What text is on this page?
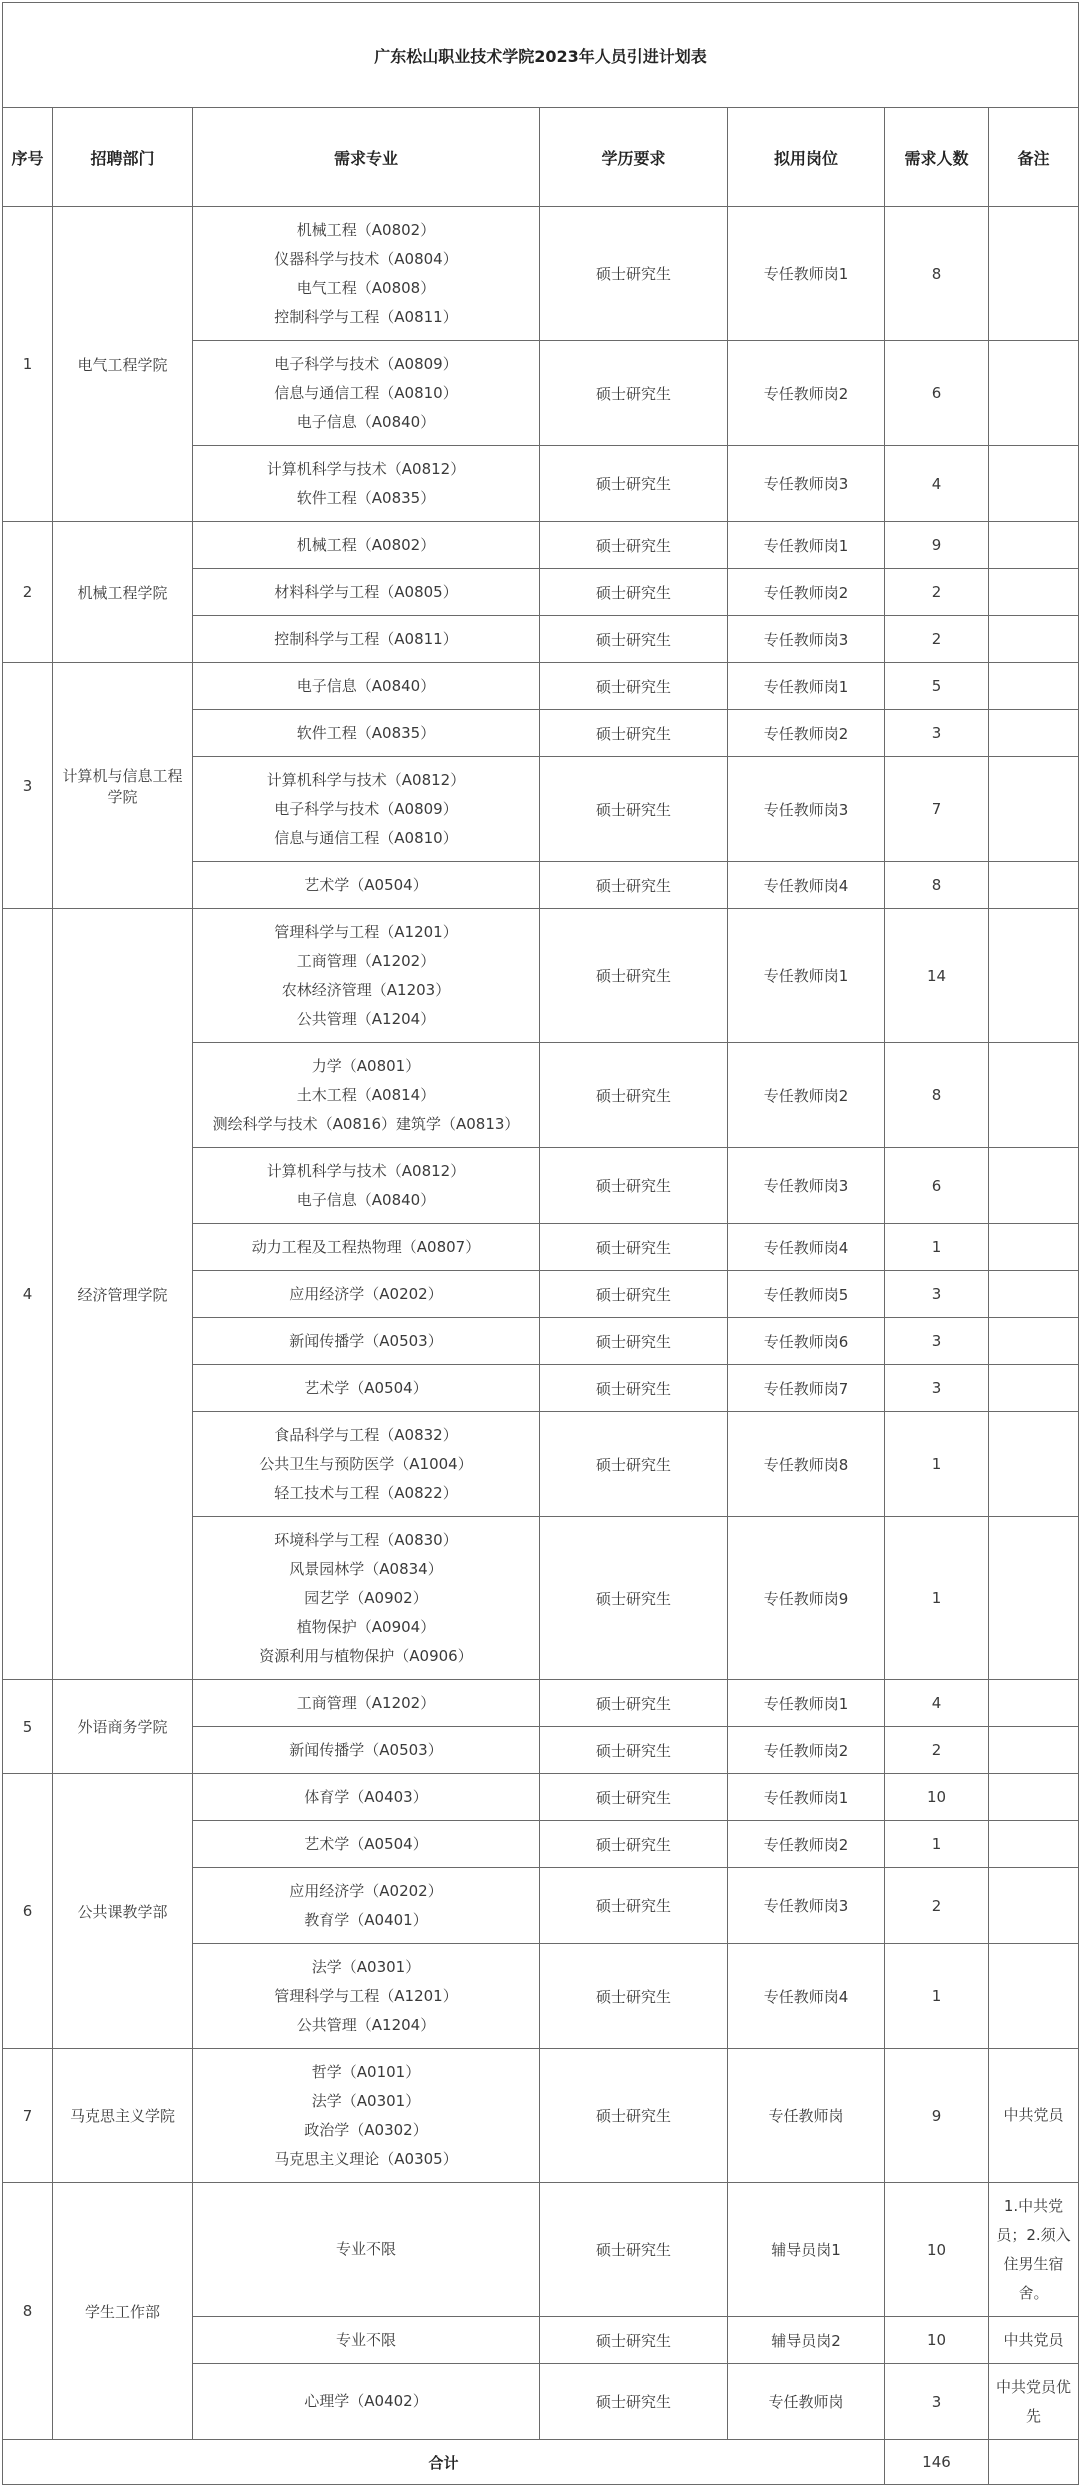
广东松山职业技术学院2023年人员引进计划表						
序号	招聘部门	需求专业	学历要求	拟用岗位	需求人数	备注
1	电气工程学院	机械工程（A0802）
仪器科学与技术（A0804）
电气工程（A0808）
控制科学与工程（A0811）	硕士研究生	专任教师岗1	8	

		电子科学与技术（A0809）
信息与通信工程（A0810）
电子信息（A0840）	硕士研究生	专任教师岗2	6	

		计算机科学与技术（A0812）
软件工程（A0835）	硕士研究生	专任教师岗3	4	
2	机械工程学院	机械工程（A0802）	硕士研究生	专任教师岗1	9	

		材料科学与工程（A0805）	硕士研究生	专任教师岗2	2	

		控制科学与工程（A0811）	硕士研究生	专任教师岗3	2	
3	计算机与信息工程学院	电子信息（A0840）	硕士研究生	专任教师岗1	5	

		软件工程（A0835）	硕士研究生	专任教师岗2	3	

		计算机科学与技术（A0812）
电子科学与技术（A0809）
信息与通信工程（A0810）	硕士研究生	专任教师岗3	7	

		艺术学（A0504）	硕士研究生	专任教师岗4	8	
4	经济管理学院	管理科学与工程（A1201）
工商管理（A1202）
农林经济管理（A1203）
公共管理（A1204）	硕士研究生	专任教师岗1	14	

		力学（A0801）
土木工程（A0814）
测绘科学与技术（A0816）建筑学（A0813）	硕士研究生	专任教师岗2	8	

		计算机科学与技术（A0812）
电子信息（A0840）	硕士研究生	专任教师岗3	6	

		动力工程及工程热物理（A0807）	硕士研究生	专任教师岗4	1	

		应用经济学（A0202）	硕士研究生	专任教师岗5	3	

		新闻传播学（A0503）	硕士研究生	专任教师岗6	3	

		艺术学（A0504）	硕士研究生	专任教师岗7	3	

		食品科学与工程（A0832）
公共卫生与预防医学（A1004）
轻工技术与工程（A0822）	硕士研究生	专任教师岗8	1	

		环境科学与工程（A0830）
风景园林学（A0834）
园艺学（A0902）
植物保护（A0904）
资源利用与植物保护（A0906）	硕士研究生	专任教师岗9	1	
5	外语商务学院	工商管理（A1202）	硕士研究生	专任教师岗1	4	

		新闻传播学（A0503）	硕士研究生	专任教师岗2	2	
6	公共课教学部	体育学（A0403）	硕士研究生	专任教师岗1	10	

		艺术学（A0504）	硕士研究生	专任教师岗2	1	

		应用经济学（A0202）
教育学（A0401）	硕士研究生	专任教师岗3	2	

		法学（A0301）
管理科学与工程（A1201）
公共管理（A1204）	硕士研究生	专任教师岗4	1	
7	马克思主义学院	哲学（A0101）
法学（A0301）
政治学（A0302）
马克思主义理论（A0305）	硕士研究生	专任教师岗	9	中共党员
8	学生工作部	专业不限	硕士研究生	辅导员岗1	10	1.中共党员；2.须入住男生宿舍。

		专业不限	硕士研究生	辅导员岗2	10	中共党员

		心理学（A0402）	硕士研究生	专任教师岗	3	中共党员优先
合计					146	
